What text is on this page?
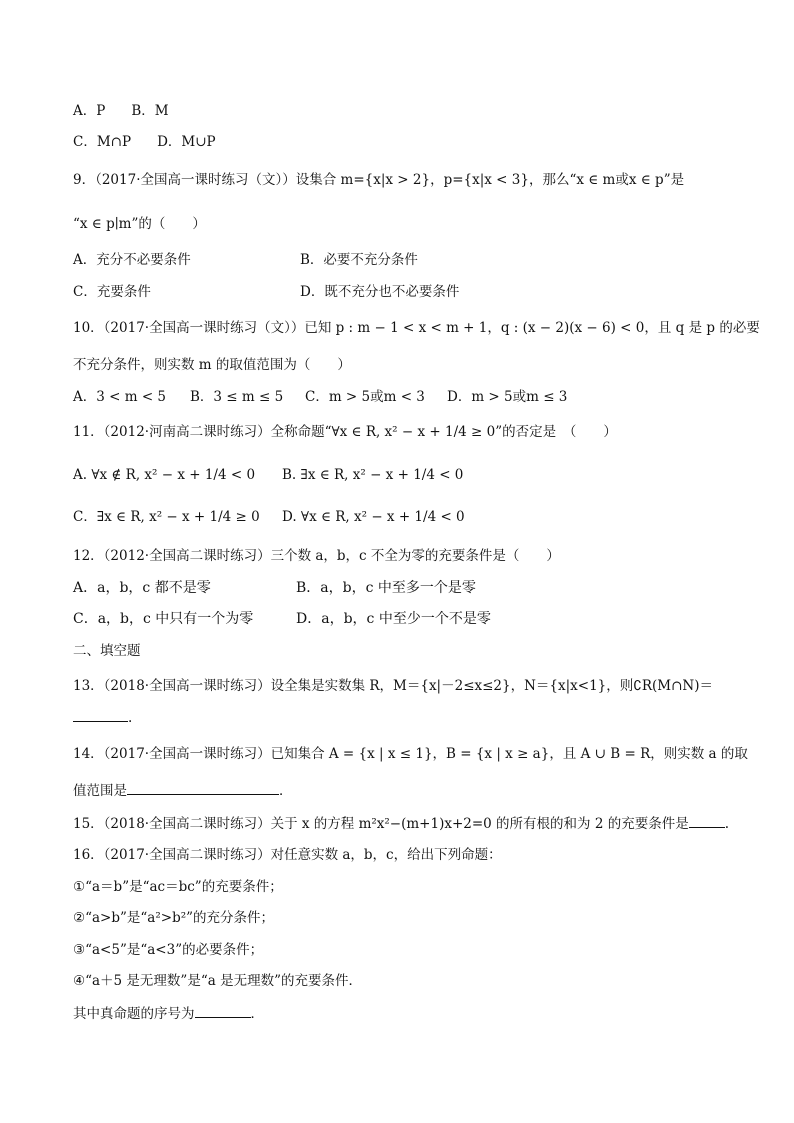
A．P B．M
C．M∩P D．M∪P
9．（2017·全国高一课时练习（文））设集合 m={x|x > 2}，p={x|x < 3}，那么“x ∈ m或x ∈ p”是
“x ∈ p∣m”的（　　）
A．充分不必要条件	B．必要不充分条件
C．充要条件	D．既不充分也不必要条件
10．（2017·全国高一课时练习（文））已知 p : m − 1 < x < m + 1，q : (x − 2)(x − 6) < 0，且 q 是 p 的必要
不充分条件，则实数 m 的取值范围为（　　）
A．3 < m < 5 B．3 ≤ m ≤ 5 C．m > 5或m < 3 D．m > 5或m ≤ 3
11．（2012·河南高二课时练习）全称命题“∀x ∈ R, x² − x + 1/4 ≥ 0”的否定是　（　　）
A. ∀x ∉ R, x² − x + 1/4 < 0 B. ∃x ∈ R, x² − x + 1/4 < 0
C．∃x ∈ R, x² − x + 1/4 ≥ 0 D. ∀x ∈ R, x² − x + 1/4 < 0
12．（2012·全国高二课时练习）三个数 a，b，c 不全为零的充要条件是（　　）
A．a，b，c 都不是零	B．a，b，c 中至多一个是零
C．a，b，c 中只有一个为零	D．a，b，c 中至少一个不是零
二、填空题
13．（2018·全国高一课时练习）设全集是实数集 R，M＝{x|－2≤x≤2}，N＝{x|x<1}，则∁R(M∩N)＝
.
14．（2017·全国高一课时练习）已知集合 A = {x | x ≤ 1}，B = {x | x ≥ a}，且 A ∪ B = R，则实数 a 的取
值范围是	．
15．（2018·全国高二课时练习）关于 x 的方程 m²x²−(m+1)x+2=0 的所有根的和为 2 的充要条件是	.
16．（2017·全国高二课时练习）对任意实数 a，b，c，给出下列命题：
①“a＝b”是“ac＝bc”的充要条件；
②“a>b”是“a²>b²”的充分条件；
③“a<5”是“a<3”的必要条件；
④“a＋5 是无理数”是“a 是无理数”的充要条件．
其中真命题的序号为	．
